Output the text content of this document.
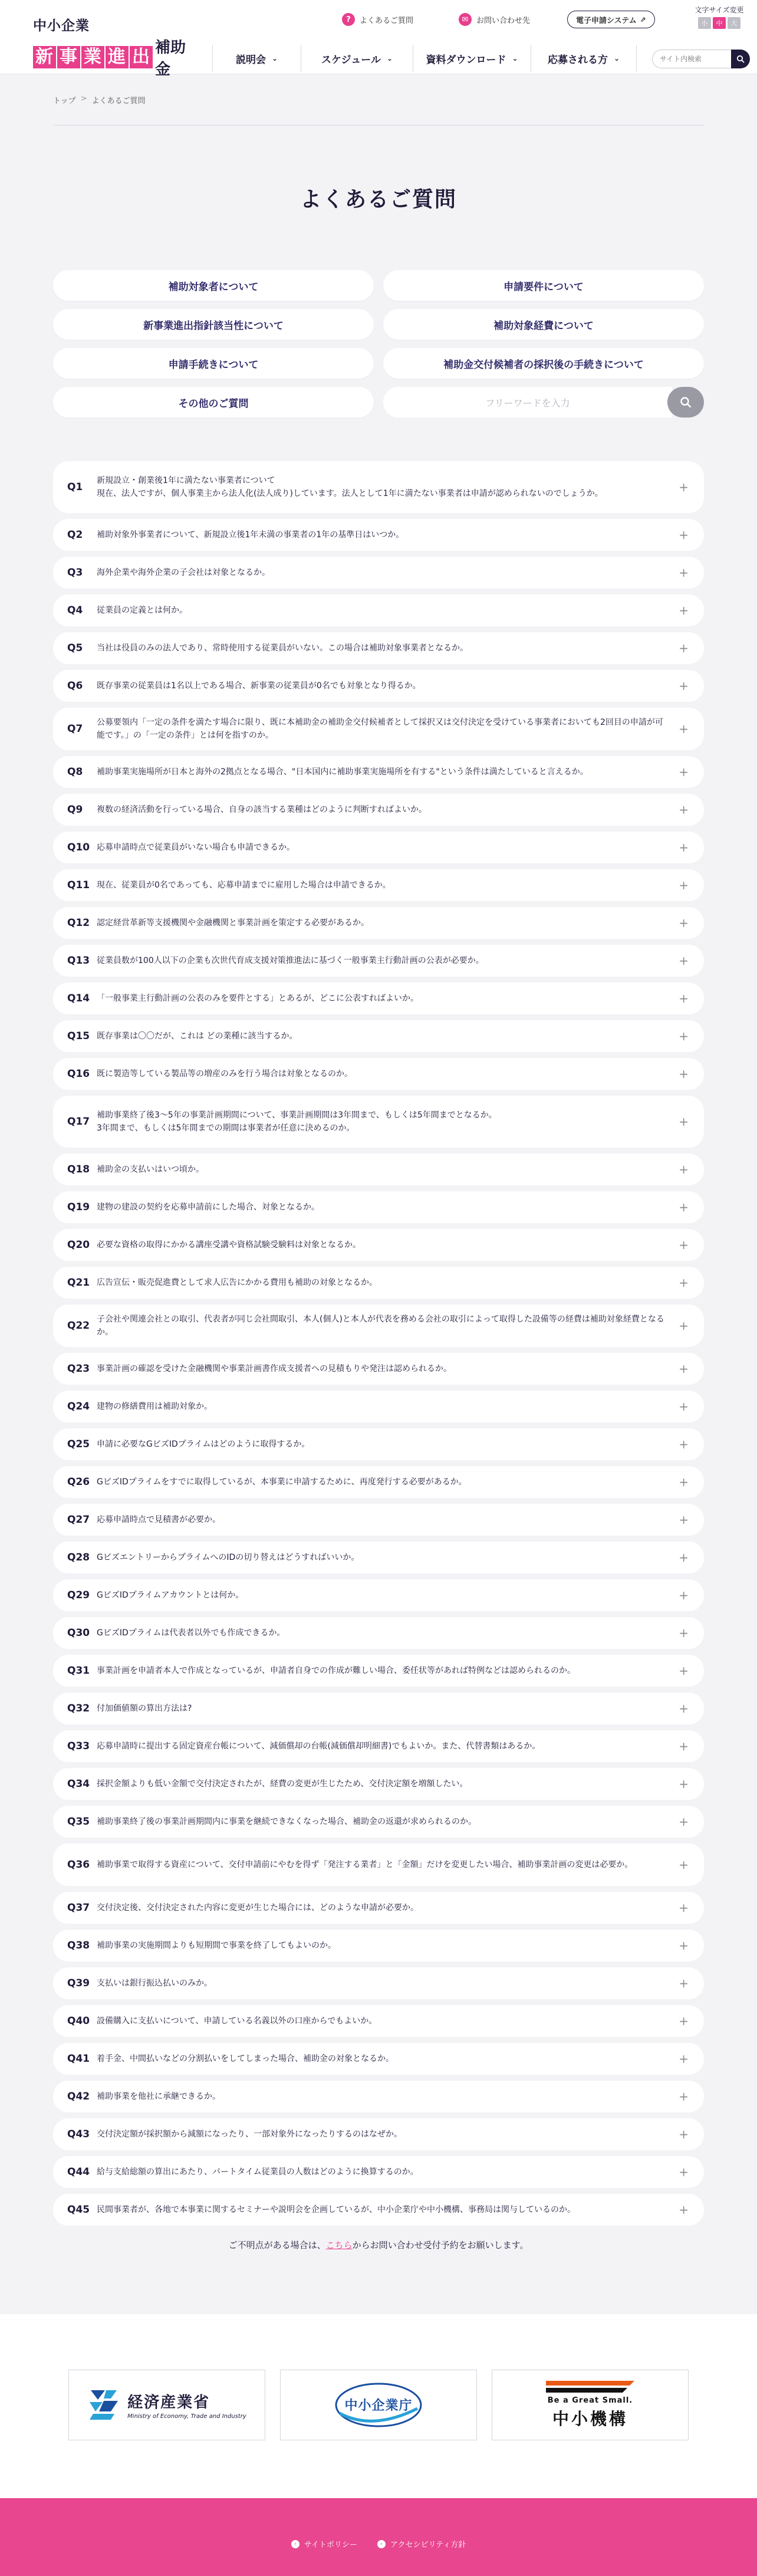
中小企業
新 事 業 進 出 補助金
?	よくあるご質問	✉	お問い合わせ先	電子申請システム ⇗
文字サイズ変更
小	中	大
説明会 ⌄	スケジュール ⌄	資料ダウンロード ⌄	応募される方 ⌄
サイト内検索
トップ > よくあるご質問
よくあるご質問
補助対象者について	申請要件について
新事業進出指針該当性について	補助対象経費について
申請手続きについて	補助金交付候補者の採択後の手続きについて
その他のご質問	フリーワードを入力
Q1
新規設立・創業後1年に満たない事業者について
現在、法人ですが、個人事業主から法人化(法人成り)しています。法人として1年に満たない事業者は申請が認められないのでしょうか。	+
Q2	補助対象外事業者について、新規設立後1年未満の事業者の1年の基準日はいつか。	+
Q3	海外企業や海外企業の子会社は対象となるか。	+
Q4	従業員の定義とは何か。	+
Q5	当社は役員のみの法人であり、常時使用する従業員がいない。この場合は補助対象事業者となるか。	+
Q6	既存事業の従業員は1名以上である場合、新事業の従業員が0名でも対象となり得るか。	+
Q7
公募要領内「一定の条件を満たす場合に限り、既に本補助金の補助金交付候補者として採択又は交付決定を受けている事業者においても2回目の申請が可能です。」の「一定の条件」とは何を指すのか。	+
Q8	補助事業実施場所が日本と海外の2拠点となる場合、"日本国内に補助事業実施場所を有する"という条件は満たしていると言えるか。	+
Q9	複数の経済活動を行っている場合、自身の該当する業種はどのように判断すればよいか。	+
Q10 応募申請時点で従業員がいない場合も申請できるか。	+
Q11 現在、従業員が0名であっても、応募申請までに雇用した場合は申請できるか。	+
Q12 認定経営革新等支援機関や金融機関と事業計画を策定する必要があるか。	+
Q13 従業員数が100人以下の企業も次世代育成支援対策推進法に基づく一般事業主行動計画の公表が必要か。	+
Q14 「一般事業主行動計画の公表のみを要件とする」とあるが、どこに公表すればよいか。	+
Q15 既存事業は〇〇だが、これは どの業種に該当するか。	+
Q16 既に製造等している製品等の増産のみを行う場合は対象となるのか。	+
Q17
補助事業終了後3〜5年の事業計画期間について、事業計画期間は3年間まで、もしくは5年間までとなるか。
3年間まで、もしくは5年間までの期間は事業者が任意に決めるのか。	+
Q18 補助金の支払いはいつ頃か。	+
Q19 建物の建設の契約を応募申請前にした場合、対象となるか。	+
Q20 必要な資格の取得にかかる講座受講や資格試験受験料は対象となるか。	+
Q21 広告宣伝・販売促進費として求人広告にかかる費用も補助の対象となるか。	+
Q22
子会社や関連会社との取引、代表者が同じ会社間取引、本人(個人)と本人が代表を務める会社の取引によって取得した設備等の経費は補助対象経費となるか。	+
Q23 事業計画の確認を受けた金融機関や事業計画書作成支援者への見積もりや発注は認められるか。	+
Q24 建物の修繕費用は補助対象か。	+
Q25 申請に必要なGビズIDプライムはどのように取得するか。	+
Q26 GビズIDプライムをすでに取得しているが、本事業に申請するために、再度発行する必要があるか。	+
Q27 応募申請時点で見積書が必要か。	+
Q28 GビズエントリーからプライムへのIDの切り替えはどうすればいいか。	+
Q29 GビズIDプライムアカウントとは何か。	+
Q30 GビズIDプライムは代表者以外でも作成できるか。	+
Q31 事業計画を申請者本人で作成となっているが、申請者自身での作成が難しい場合、委任状等があれば特例などは認められるのか。	+
Q32 付加価値額の算出方法は?	+
Q33 応募申請時に提出する固定資産台帳について、減価償却の台帳(減価償却明細書)でもよいか。また、代替書類はあるか。	+
Q34 採択金額よりも低い金額で交付決定されたが、経費の変更が生じたため、交付決定額を増額したい。	+
Q35 補助事業終了後の事業計画期間内に事業を継続できなくなった場合、補助金の返還が求められるのか。	+
Q36 補助事業で取得する資産について、交付申請前にやむを得ず「発注する業者」と「金額」だけを変更したい場合、補助事業計画の変更は必要か。	+
Q37 交付決定後、交付決定された内容に変更が生じた場合には、どのような申請が必要か。	+
Q38 補助事業の実施期間よりも短期間で事業を終了してもよいのか。	+
Q39 支払いは銀行振込払いのみか。	+
Q40 設備購入に支払いについて、申請している名義以外の口座からでもよいか。	+
Q41 着手金、中間払いなどの分割払いをしてしまった場合、補助金の対象となるか。	+
Q42 補助事業を他社に承継できるか。	+
Q43 交付決定額が採択額から減額になったり、一部対象外になったりするのはなぜか。	+
Q44 給与支給総額の算出にあたり、パートタイム従業員の人数はどのように換算するのか。	+
Q45 民間事業者が、各地で本事業に関するセミナーや説明会を企画しているが、中小企業庁や中小機構、事務局は関与しているのか。	+
ご不明点がある場合は、こちらからお問い合わせ受付予約をお願いします。
経済産業省
Ministry of Economy, Trade and Industry
中小企業庁	Be a Great Small.
中小機構
›	サイトポリシー	›	アクセシビリティ方針
